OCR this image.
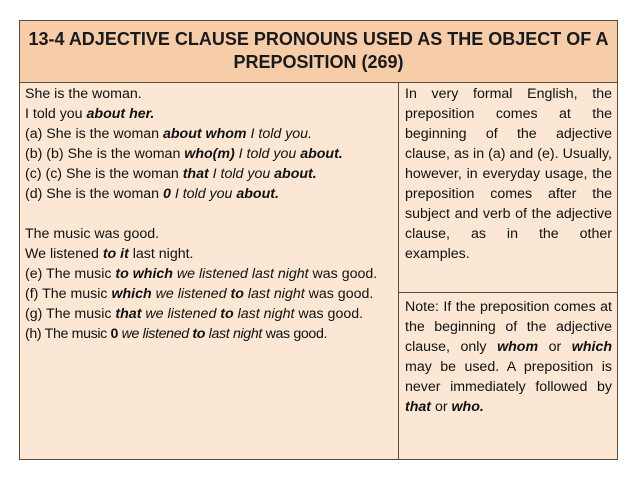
13-4 ADJECTIVE CLAUSE PRONOUNS USED AS THE OBJECT OF A PREPOSITION (269)
She is the woman.
I told you about her.
(a) She is the woman about whom I told you.
(b) (b) She is the woman who(m) I told you about.
(c) (c) She is the woman that I told you about.
(d) She is the woman 0 I told you about.
The music was good.
We listened to it last night.
(e) The music to which we listened last night was good.
(f) The music which we listened to last night was good.
(g) The music that we listened to last night was good.
(h) The music 0 we listened to last night was good.
In very formal English, the preposition comes at the beginning of the adjective clause, as in (a) and (e). Usually, however, in everyday usage, the preposition comes after the subject and verb of the adjective clause, as in the other examples.
Note: If the preposition comes at the beginning of the adjective clause, only whom or which may be used. A preposition is never immediately followed by that or who.
